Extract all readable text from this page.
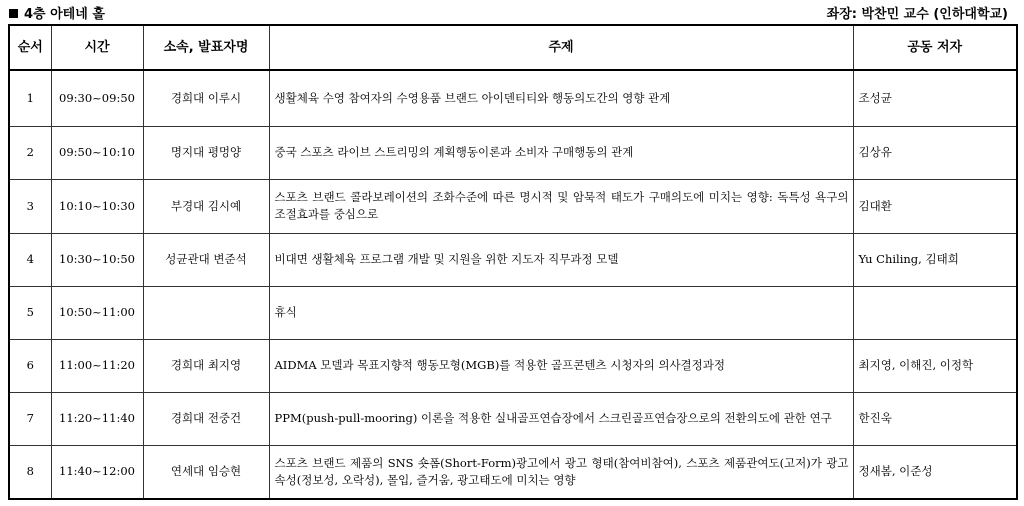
4층 아테네 홀	좌장: 박찬민 교수 (인하대학교)
순서	시간	소속, 발표자명	주제	공동 저자
1	09:30~09:50	경희대 이루시	생활체육 수영 참여자의 수영용품 브랜드 아이덴티티와 행동의도간의 영향 관계	조성균
2	09:50~10:10	명지대 평멍양	중국 스포츠 라이브 스트리밍의 계획행동이론과 소비자 구매행동의 관계	김상유
3	10:10~10:30	부경대 김시예	스포츠 브랜드 콜라보레이션의 조화수준에 따른 명시적 및 암묵적 태도가 구매의도에 미치는 영향: 독특성 욕구의 조절효과를 중심으로	김대환
4	10:30~10:50	성균관대 변준석	비대면 생활체육 프로그램 개발 및 지원을 위한 지도자 직무과정 모델	Yu Chiling, 김태희
5	10:50~11:00		휴식	
6	11:00~11:20	경희대 최지영	AIDMA 모델과 목표지향적 행동모형(MGB)를 적용한 골프콘텐츠 시청자의 의사결정과정	최지영, 이해진, 이정학
7	11:20~11:40	경희대 전중건	PPM(push-pull-mooring) 이론을 적용한 실내골프연습장에서 스크린골프연습장으로의 전환의도에 관한 연구	한진욱
8	11:40~12:00	연세대 임승현	스포츠 브랜드 제품의 SNS 숏폼(Short-Form)광고에서 광고 형태(참여비참여), 스포츠 제품관여도(고저)가 광고 속성(정보성, 오락성), 몰입, 즐거움, 광고태도에 미치는 영향	정새봄, 이준성
